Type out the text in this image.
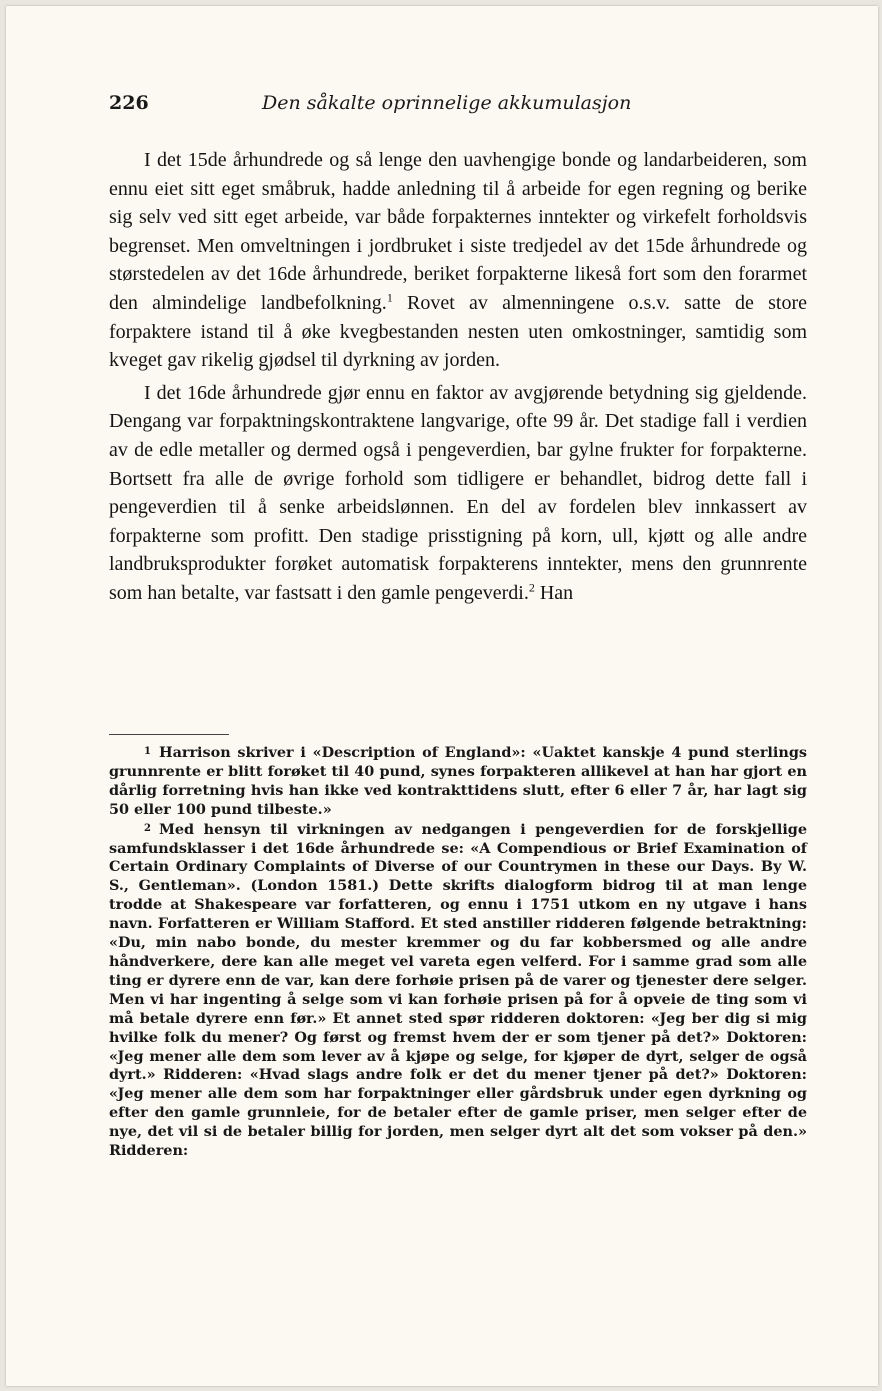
226	Den såkalte oprinnelige akkumulasjon

I det 15de århundrede og så lenge den uavhengige bonde og landarbeideren, som ennu eiet sitt eget småbruk, hadde anledning til å arbeide for egen regning og berike sig selv ved sitt eget arbeide, var både forpakternes inntekter og virkefelt forholdsvis begrenset. Men omveltningen i jordbruket i siste tredjedel av det 15de århundrede og størstedelen av det 16de århundrede, beriket forpakterne likeså fort som den forarmet den almindelige landbefolkning.$^1$ Rovet av almenningene o.s.v. satte de store forpaktere istand til å øke kvegbestanden nesten uten omkostninger, samtidig som kveget gav rikelig gjødsel til dyrkning av jorden.

I det 16de århundrede gjør ennu en faktor av avgjørende betydning sig gjeldende. Dengang var forpaktningskontraktene langvarige, ofte 99 år. Det stadige fall i verdien av de edle metaller og dermed også i pengeverdien, bar gylne frukter for forpakterne. Bortsett fra alle de øvrige forhold som tidligere er behandlet, bidrog dette fall i pengeverdien til å senke arbeidslønnen. En del av fordelen blev innkassert av forpakterne som profitt. Den stadige prisstigning på korn, ull, kjøtt og alle andre landbruksprodukter forøket automatisk forpakterens inntekter, mens den grunnrente som han betalte, var fastsatt i den gamle pengeverdi.$^2$ Han

$^1$ Harrison skriver i «Description of England»: «Uaktet kanskje 4 pund sterlings grunnrente er blitt forøket til 40 pund, synes forpakteren allikevel at han har gjort en dårlig forretning hvis han ikke ved kontrakttidens slutt, efter 6 eller 7 år, har lagt sig 50 eller 100 pund tilbeste.»

$^2$ Med hensyn til virkningen av nedgangen i pengeverdien for de forskjellige samfundsklasser i det 16de århundrede se: «A Compendious or Brief Examination of Certain Ordinary Complaints of Diverse of our Countrymen in these our Days. By W. S., Gentleman». (London 1581.) Dette skrifts dialogform bidrog til at man lenge trodde at Shakespeare var forfatteren, og ennu i 1751 utkom en ny utgave i hans navn. Forfatteren er William Stafford. Et sted anstiller ridderen følgende betraktning: «Du, min nabo bonde, du mester kremmer og du far kobbersmed og alle andre håndverkere, dere kan alle meget vel vareta egen velferd. For i samme grad som alle ting er dyrere enn de var, kan dere forhøie prisen på de varer og tjenester dere selger. Men vi har ingenting å selge som vi kan forhøie prisen på for å opveie de ting som vi må betale dyrere enn før.» Et annet sted spør ridderen doktoren: «Jeg ber dig si mig hvilke folk du mener? Og først og fremst hvem der er som tjener på det?» Doktoren: «Jeg mener alle dem som lever av å kjøpe og selge, for kjøper de dyrt, selger de også dyrt.» Ridderen: «Hvad slags andre folk er det du mener tjener på det?» Doktoren: «Jeg mener alle dem som har forpaktninger eller gårdsbruk under egen dyrkning og efter den gamle grunnleie, for de betaler efter de gamle priser, men selger efter de nye, det vil si de betaler billig for jorden, men selger dyrt alt det som vokser på den.» Ridderen:
